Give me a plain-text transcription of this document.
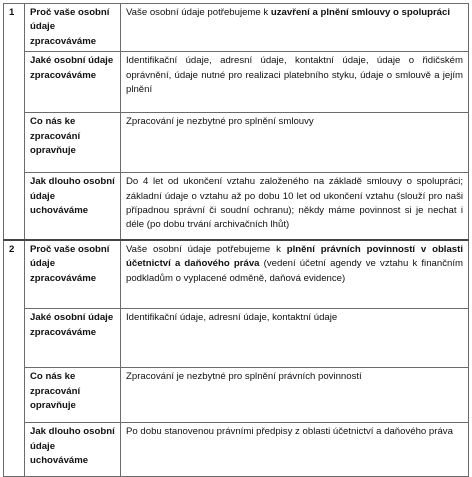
1	Proč vaše osobní údaje zpracováváme	Vaše osobní údaje potřebujeme k uzavření a plnění smlouvy o spolupráci
	Jaké osobní údaje zpracováváme	Identifikační údaje, adresní údaje, kontaktní údaje, údaje o řidičském oprávnění, údaje nutné pro realizaci platebního styku, údaje o smlouvě a jejím plnění
	Co nás ke zpracování opravňuje	Zpracování je nezbytné pro splnění smlouvy
	Jak dlouho osobní údaje uchováváme	Do 4 let od ukončení vztahu založeného na základě smlouvy o spolupráci; základní údaje o vztahu až po dobu 10 let od ukončení vztahu (slouží pro naši případnou správní či soudní ochranu); někdy máme povinnost si je nechat i déle (po dobu trvání archivačních lhůt)
2	Proč vaše osobní údaje zpracováváme	Vaše osobní údaje potřebujeme k plnění právních povinností v oblasti účetnictví a daňového práva (vedení účetní agendy ve vztahu k finančním podkladům o vyplacené odměně, daňová evidence)
	Jaké osobní údaje zpracováváme	Identifikační údaje, adresní údaje, kontaktní údaje
	Co nás ke zpracování opravňuje	Zpracování je nezbytné pro splnění právních povinností
	Jak dlouho osobní údaje uchováváme	Po dobu stanovenou právními předpisy z oblasti účetnictví a daňového práva
